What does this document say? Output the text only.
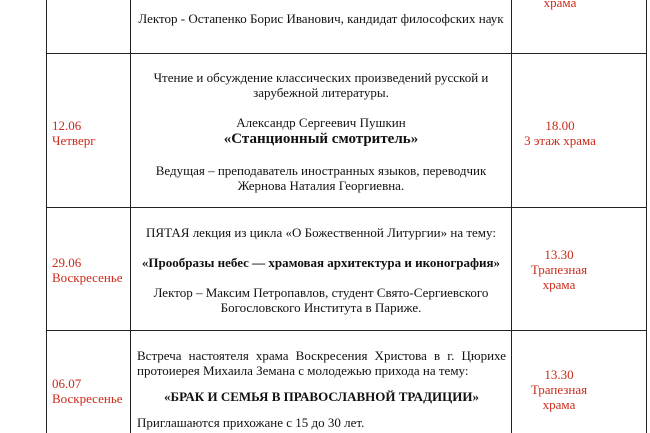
храма

Лектор - Остапенко Борис Иванович, кандидат философских наук

12.06
Четверг

Чтение и обсуждение классических произведений русской и зарубежной литературы.

Александр Сергеевич Пушкин

«Станционный смотритель»

Ведущая – преподаватель иностранных языков, переводчик Жернова Наталия Георгиевна.

18.00
3 этаж храма
29.06
Воскресенье

ПЯТАЯ лекция из цикла «О Божественной Литургии» на тему:

«Прообразы небес — храмовая архитектура и иконография»

Лектор – Максим Петропавлов, студент Свято-Сергиевского Богословского Института в Париже.

13.30
Трапезная храма
06.07
Воскресенье

Встреча настоятеля храма Воскресения Христова в г. Цюрихе протоиерея Михаила Земана с молодежью прихода на тему:

«БРАК И СЕМЬЯ В ПРАВОСЛАВНОЙ ТРАДИЦИИ»

Приглашаются прихожане с 15 до 30 лет.

13.30
Трапезная храма
